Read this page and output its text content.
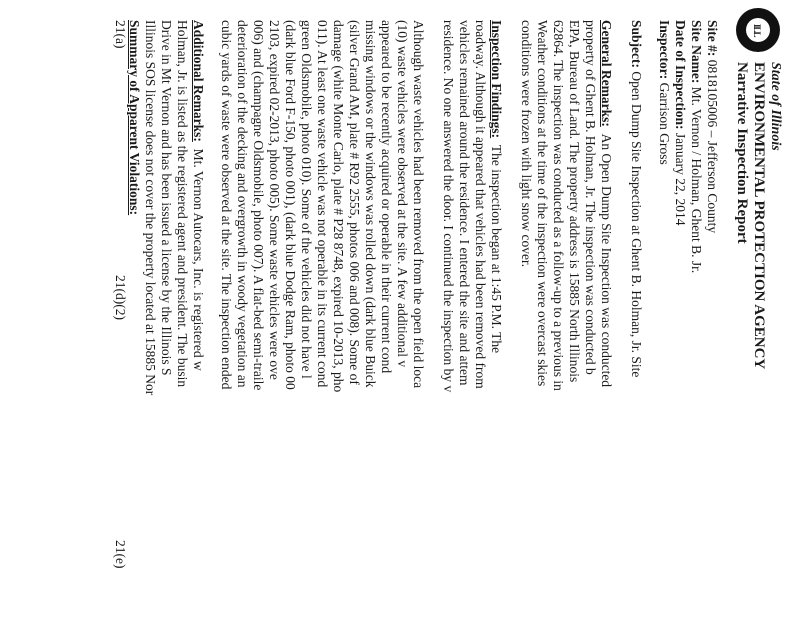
ILL
State of Illinois
ENVIRONMENTAL PROTECTION AGENCY
Narrative Inspection Report
Site #: 0818105006 – Jefferson County
Site Name: Mt. Vernon / Holman, Ghent B. Jr.
Date of Inspection: January 22, 2014
Inspector: Garrison Gross
Subject: Open Dump Site Inspection at Ghent B. Holman, Jr. Site
General Remarks:  An Open Dump Site Inspection was conducted
property of Ghent B. Holman, Jr. The inspection was conducted b
EPA, Bureau of Land. The property address is 15885 North Illinois
62864. The inspection was conducted as a follow-up to a previous in
Weather conditions at the time of the inspection were overcast skies
conditions were frozen with light snow cover.
Inspection Findings:  The inspection began at 1:45 P.M. The
roadway. Although it appeared that vehicles had been removed from
vehicles remained around the residence. I entered the site and attem
residence. No one answered the door. I continued the inspection by v
Although waste vehicles had been removed from the open field loca
(10) waste vehicles were observed at the site. A few additional v
appeared to be recently acquired or operable in their current cond
missing windows or the windows was rolled down (dark blue Buick
(silver Grand AM, plate # R92 2555, photos 006 and 008). Some of
damage (white Monte Carlo, plate # P28 8748, expired 10-2013, pho
011). At least one waste vehicle was not operable in its current cond
green Oldsmobile, photo 010). Some of the vehicles did not have l
(dark blue Ford F-150, photo 001), (dark blue Dodge Ram, photo 00
2103, expired 02-2013, photo 005). Some waste vehicles were ove
006) and (champagne Oldsmobile, photo 007). A flat-bed semi-traile
deterioration of the decking and overgrowth in woody vegetation an
cubic yards of waste were observed at the site. The inspection ended
Additional Remarks:  Mt. Vernon Autocars, Inc. is registered w
Holman, Jr. is listed as the registered agent and president. The busin
Drive in Mt Vernon and has been issued a license by the Illinois S
Illinois SOS license does not cover the property located at 15885 Nor
Summary of Apparent Violations:
21(a)
21(d)(2)
21(e)
